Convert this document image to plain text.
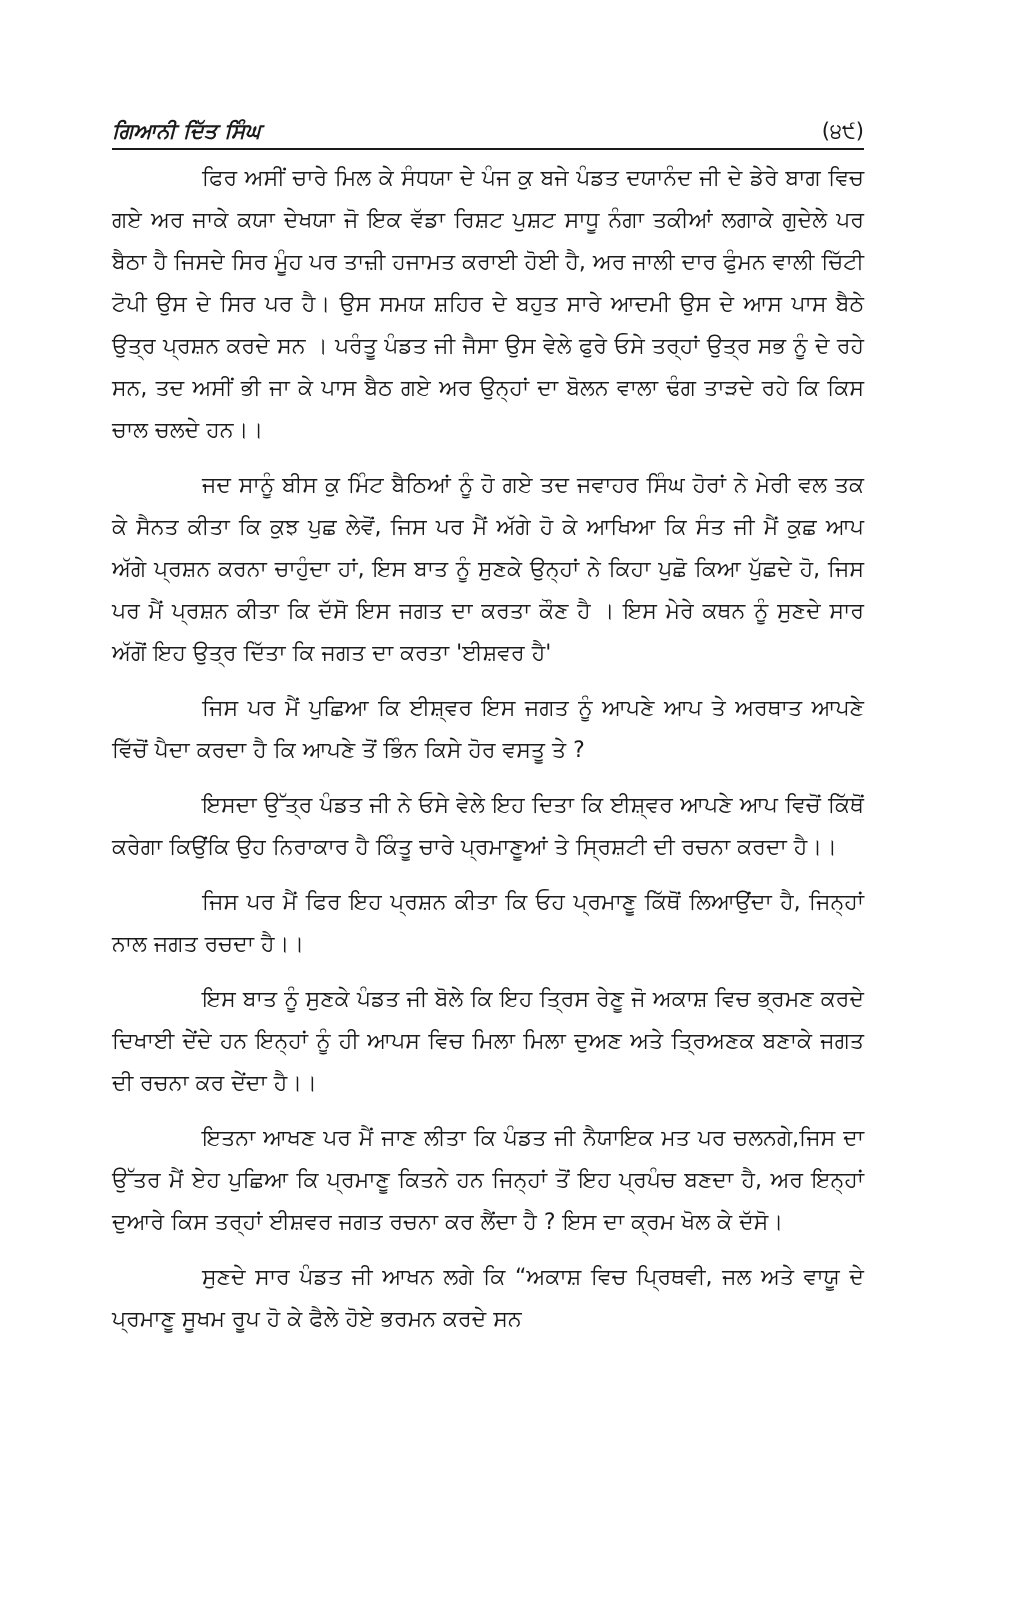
ਗਿਆਨੀ ਦਿੱਤ ਸਿੰਘ	(੪੯)

ਫਿਰ ਅਸੀਂ ਚਾਰੇ ਮਿਲ ਕੇ ਸੰਧਯਾ ਦੇ ਪੰਜ ਕੁ ਬਜੇ ਪੰਡਤ ਦਯਾਨੰਦ ਜੀ ਦੇ ਡੇਰੇ ਬਾਗ ਵਿਚ ਗਏ ਅਰ ਜਾਕੇ ਕਯਾ ਦੇਖਯਾ ਜੋ ਇਕ ਵੱਡਾ ਰਿਸ਼ਟ ਪੁਸ਼ਟ ਸਾਧੂ ਨੰਗਾ ਤਕੀਆਂ ਲਗਾਕੇ ਗੁਦੇਲੇ ਪਰ ਬੈਠਾ ਹੈ ਜਿਸਦੇ ਸਿਰ ਮੂੰਹ ਪਰ ਤਾਜ਼ੀ ਹਜਾਮਤ ਕਰਾਈ ਹੋਈ ਹੈ, ਅਰ ਜਾਲੀ ਦਾਰ ਫੁੰਮਨ ਵਾਲੀ ਚਿੱਟੀ ਟੋਪੀ ਉਸ ਦੇ ਸਿਰ ਪਰ ਹੈ। ਉਸ ਸਮਯ ਸ਼ਹਿਰ ਦੇ ਬਹੁਤ ਸਾਰੇ ਆਦਮੀ ਉਸ ਦੇ ਆਸ ਪਾਸ ਬੈਠੇ ਉਤ੍ਰ ਪ੍ਰਸ਼ਨ ਕਰਦੇ ਸਨ । ਪਰੰਤੂ ਪੰਡਤ ਜੀ ਜੈਸਾ ਉਸ ਵੇਲੇ ਫੁਰੇ ਓਸੇ ਤਰ੍ਹਾਂ ਉਤ੍ਰ ਸਭ ਨੂੰ ਦੇ ਰਹੇ ਸਨ, ਤਦ ਅਸੀਂ ਭੀ ਜਾ ਕੇ ਪਾਸ ਬੈਠ ਗਏ ਅਰ ਉਨ੍ਹਾਂ ਦਾ ਬੋਲਨ ਵਾਲਾ ਢੰਗ ਤਾੜਦੇ ਰਹੇ ਕਿ ਕਿਸ ਚਾਲ ਚਲਦੇ ਹਨ।।

ਜਦ ਸਾਨੂੰ ਬੀਸ ਕੁ ਮਿੰਟ ਬੈਠਿਆਂ ਨੂੰ ਹੋ ਗਏ ਤਦ ਜਵਾਹਰ ਸਿੰਘ ਹੋਰਾਂ ਨੇ ਮੇਰੀ ਵਲ ਤਕ ਕੇ ਸੈਨਤ ਕੀਤਾ ਕਿ ਕੁਝ ਪੁਛ ਲੇਵੋਂ, ਜਿਸ ਪਰ ਮੈਂ ਅੱਗੇ ਹੋ ਕੇ ਆਖਿਆ ਕਿ ਸੰਤ ਜੀ ਮੈਂ ਕੁਛ ਆਪ ਅੱਗੇ ਪ੍ਰਸ਼ਨ ਕਰਨਾ ਚਾਹੁੰਦਾ ਹਾਂ, ਇਸ ਬਾਤ ਨੂੰ ਸੁਣਕੇ ਉਨ੍ਹਾਂ ਨੇ ਕਿਹਾ ਪੁਛੋ ਕਿਆ ਪੁੱਛਦੇ ਹੋ, ਜਿਸ ਪਰ ਮੈਂ ਪ੍ਰਸ਼ਨ ਕੀਤਾ ਕਿ ਦੱਸੋ ਇਸ ਜਗਤ ਦਾ ਕਰਤਾ ਕੌਣ ਹੈ । ਇਸ ਮੇਰੇ ਕਥਨ ਨੂੰ ਸੁਣਦੇ ਸਾਰ ਅੱਗੋਂ ਇਹ ਉਤ੍ਰ ਦਿੱਤਾ ਕਿ ਜਗਤ ਦਾ ਕਰਤਾ 'ਈਸ਼ਵਰ ਹੈ'

ਜਿਸ ਪਰ ਮੈਂ ਪੁਛਿਆ ਕਿ ਈਸ਼੍ਵਰ ਇਸ ਜਗਤ ਨੂੰ ਆਪਣੇ ਆਪ ਤੇ ਅਰਥਾਤ ਆਪਣੇ ਵਿੱਚੋਂ ਪੈਦਾ ਕਰਦਾ ਹੈ ਕਿ ਆਪਣੇ ਤੋਂ ਭਿੰਨ ਕਿਸੇ ਹੋਰ ਵਸਤੂ ਤੇ ?

ਇਸਦਾ ਉੱਤ੍ਰ ਪੰਡਤ ਜੀ ਨੇ ਓਸੇ ਵੇਲੇ ਇਹ ਦਿਤਾ ਕਿ ਈਸ਼੍ਵਰ ਆਪਣੇ ਆਪ ਵਿਚੋਂ ਕਿੱਥੋਂ ਕਰੇਗਾ ਕਿਉਂਕਿ ਉਹ ਨਿਰਾਕਾਰ ਹੈ ਕਿੰਤੂ ਚਾਰੇ ਪ੍ਰਮਾਣੂਆਂ ਤੇ ਸ੍ਰਿਸ਼ਟੀ ਦੀ ਰਚਨਾ ਕਰਦਾ ਹੈ।।

ਜਿਸ ਪਰ ਮੈਂ ਫਿਰ ਇਹ ਪ੍ਰਸ਼ਨ ਕੀਤਾ ਕਿ ਓਹ ਪ੍ਰਮਾਣੂ ਕਿੱਥੋਂ ਲਿਆਉਂਦਾ ਹੈ, ਜਿਨ੍ਹਾਂ ਨਾਲ ਜਗਤ ਰਚਦਾ ਹੈ।।

ਇਸ ਬਾਤ ਨੂੰ ਸੁਣਕੇ ਪੰਡਤ ਜੀ ਬੋਲੇ ਕਿ ਇਹ ਤ੍ਰਿਸ ਰੇਣੂ ਜੋ ਅਕਾਸ਼ ਵਿਚ ਭ੍ਰਮਣ ਕਰਦੇ ਦਿਖਾਈ ਦੇਂਦੇ ਹਨ ਇਨ੍ਹਾਂ ਨੂੰ ਹੀ ਆਪਸ ਵਿਚ ਮਿਲਾ ਮਿਲਾ ਦੁਅਣ ਅਤੇ ਤ੍ਰਿਅਣਕ ਬਣਾਕੇ ਜਗਤ ਦੀ ਰਚਨਾ ਕਰ ਦੇਂਦਾ ਹੈ।।

ਇਤਨਾ ਆਖਣ ਪਰ ਮੈਂ ਜਾਣ ਲੀਤਾ ਕਿ ਪੰਡਤ ਜੀ ਨੈਯਾਇਕ ਮਤ ਪਰ ਚਲਨਗੇ,ਜਿਸ ਦਾ ਉੱਤਰ ਮੈਂ ਏਹ ਪੁਛਿਆ ਕਿ ਪ੍ਰਮਾਣੂ ਕਿਤਨੇ ਹਨ ਜਿਨ੍ਹਾਂ ਤੋਂ ਇਹ ਪ੍ਰਪੰਚ ਬਣਦਾ ਹੈ, ਅਰ ਇਨ੍ਹਾਂ ਦੁਆਰੇ ਕਿਸ ਤਰ੍ਹਾਂ ਈਸ਼ਵਰ ਜਗਤ ਰਚਨਾ ਕਰ ਲੈਂਦਾ ਹੈ ? ਇਸ ਦਾ ਕ੍ਰਮ ਖੋਲ ਕੇ ਦੱਸੋ।

ਸੁਣਦੇ ਸਾਰ ਪੰਡਤ ਜੀ ਆਖਨ ਲਗੇ ਕਿ “ਅਕਾਸ਼ ਵਿਚ ਪ੍ਰਿਥਵੀ, ਜਲ ਅਤੇ ਵਾਯੂ ਦੇ ਪ੍ਰਮਾਣੂ ਸੂਖਮ ਰੂਪ ਹੋ ਕੇ ਫੈਲੇ ਹੋਏ ਭਰਮਨ ਕਰਦੇ ਸਨ
